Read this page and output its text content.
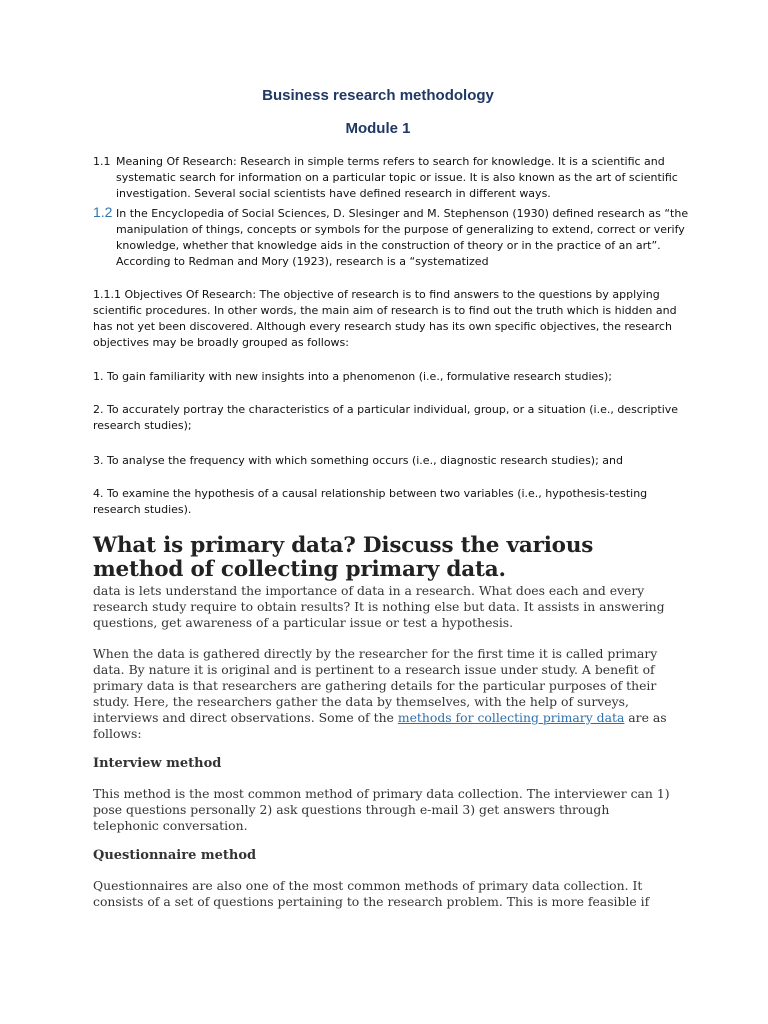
Business research methodology
Module 1

1.1 Meaning Of Research: Research in simple terms refers to search for knowledge. It is a scientific and systematic search for information on a particular topic or issue. It is also known as the art of scientific investigation. Several social scientists have defined research in different ways.

1.2 In the Encyclopedia of Social Sciences, D. Slesinger and M. Stephenson (1930) defined research as “the manipulation of things, concepts or symbols for the purpose of generalizing to extend, correct or verify knowledge, whether that knowledge aids in the construction of theory or in the practice of an art”. According to Redman and Mory (1923), research is a “systematized

1.1.1 Objectives Of Research: The objective of research is to find answers to the questions by applying scientific procedures. In other words, the main aim of research is to find out the truth which is hidden and has not yet been discovered. Although every research study has its own specific objectives, the research objectives may be broadly grouped as follows:

1. To gain familiarity with new insights into a phenomenon (i.e., formulative research studies);

2. To accurately portray the characteristics of a particular individual, group, or a situation (i.e., descriptive research studies);

3. To analyse the frequency with which something occurs (i.e., diagnostic research studies); and

4. To examine the hypothesis of a causal relationship between two variables (i.e., hypothesis-testing research studies).

What is primary data? Discuss the various method of collecting primary data.

data is lets understand the importance of data in a research. What does each and every research study require to obtain results? It is nothing else but data. It assists in answering questions, get awareness of a particular issue or test a hypothesis.

When the data is gathered directly by the researcher for the first time it is called primary data. By nature it is original and is pertinent to a research issue under study. A benefit of primary data is that researchers are gathering details for the particular purposes of their study. Here, the researchers gather the data by themselves, with the help of surveys, interviews and direct observations. Some of the methods for collecting primary data are as follows:

Interview method

This method is the most common method of primary data collection. The interviewer can 1) pose questions personally 2) ask questions through e-mail 3) get answers through telephonic conversation.

Questionnaire method

Questionnaires are also one of the most common methods of primary data collection. It consists of a set of questions pertaining to the research problem. This is more feasible if
